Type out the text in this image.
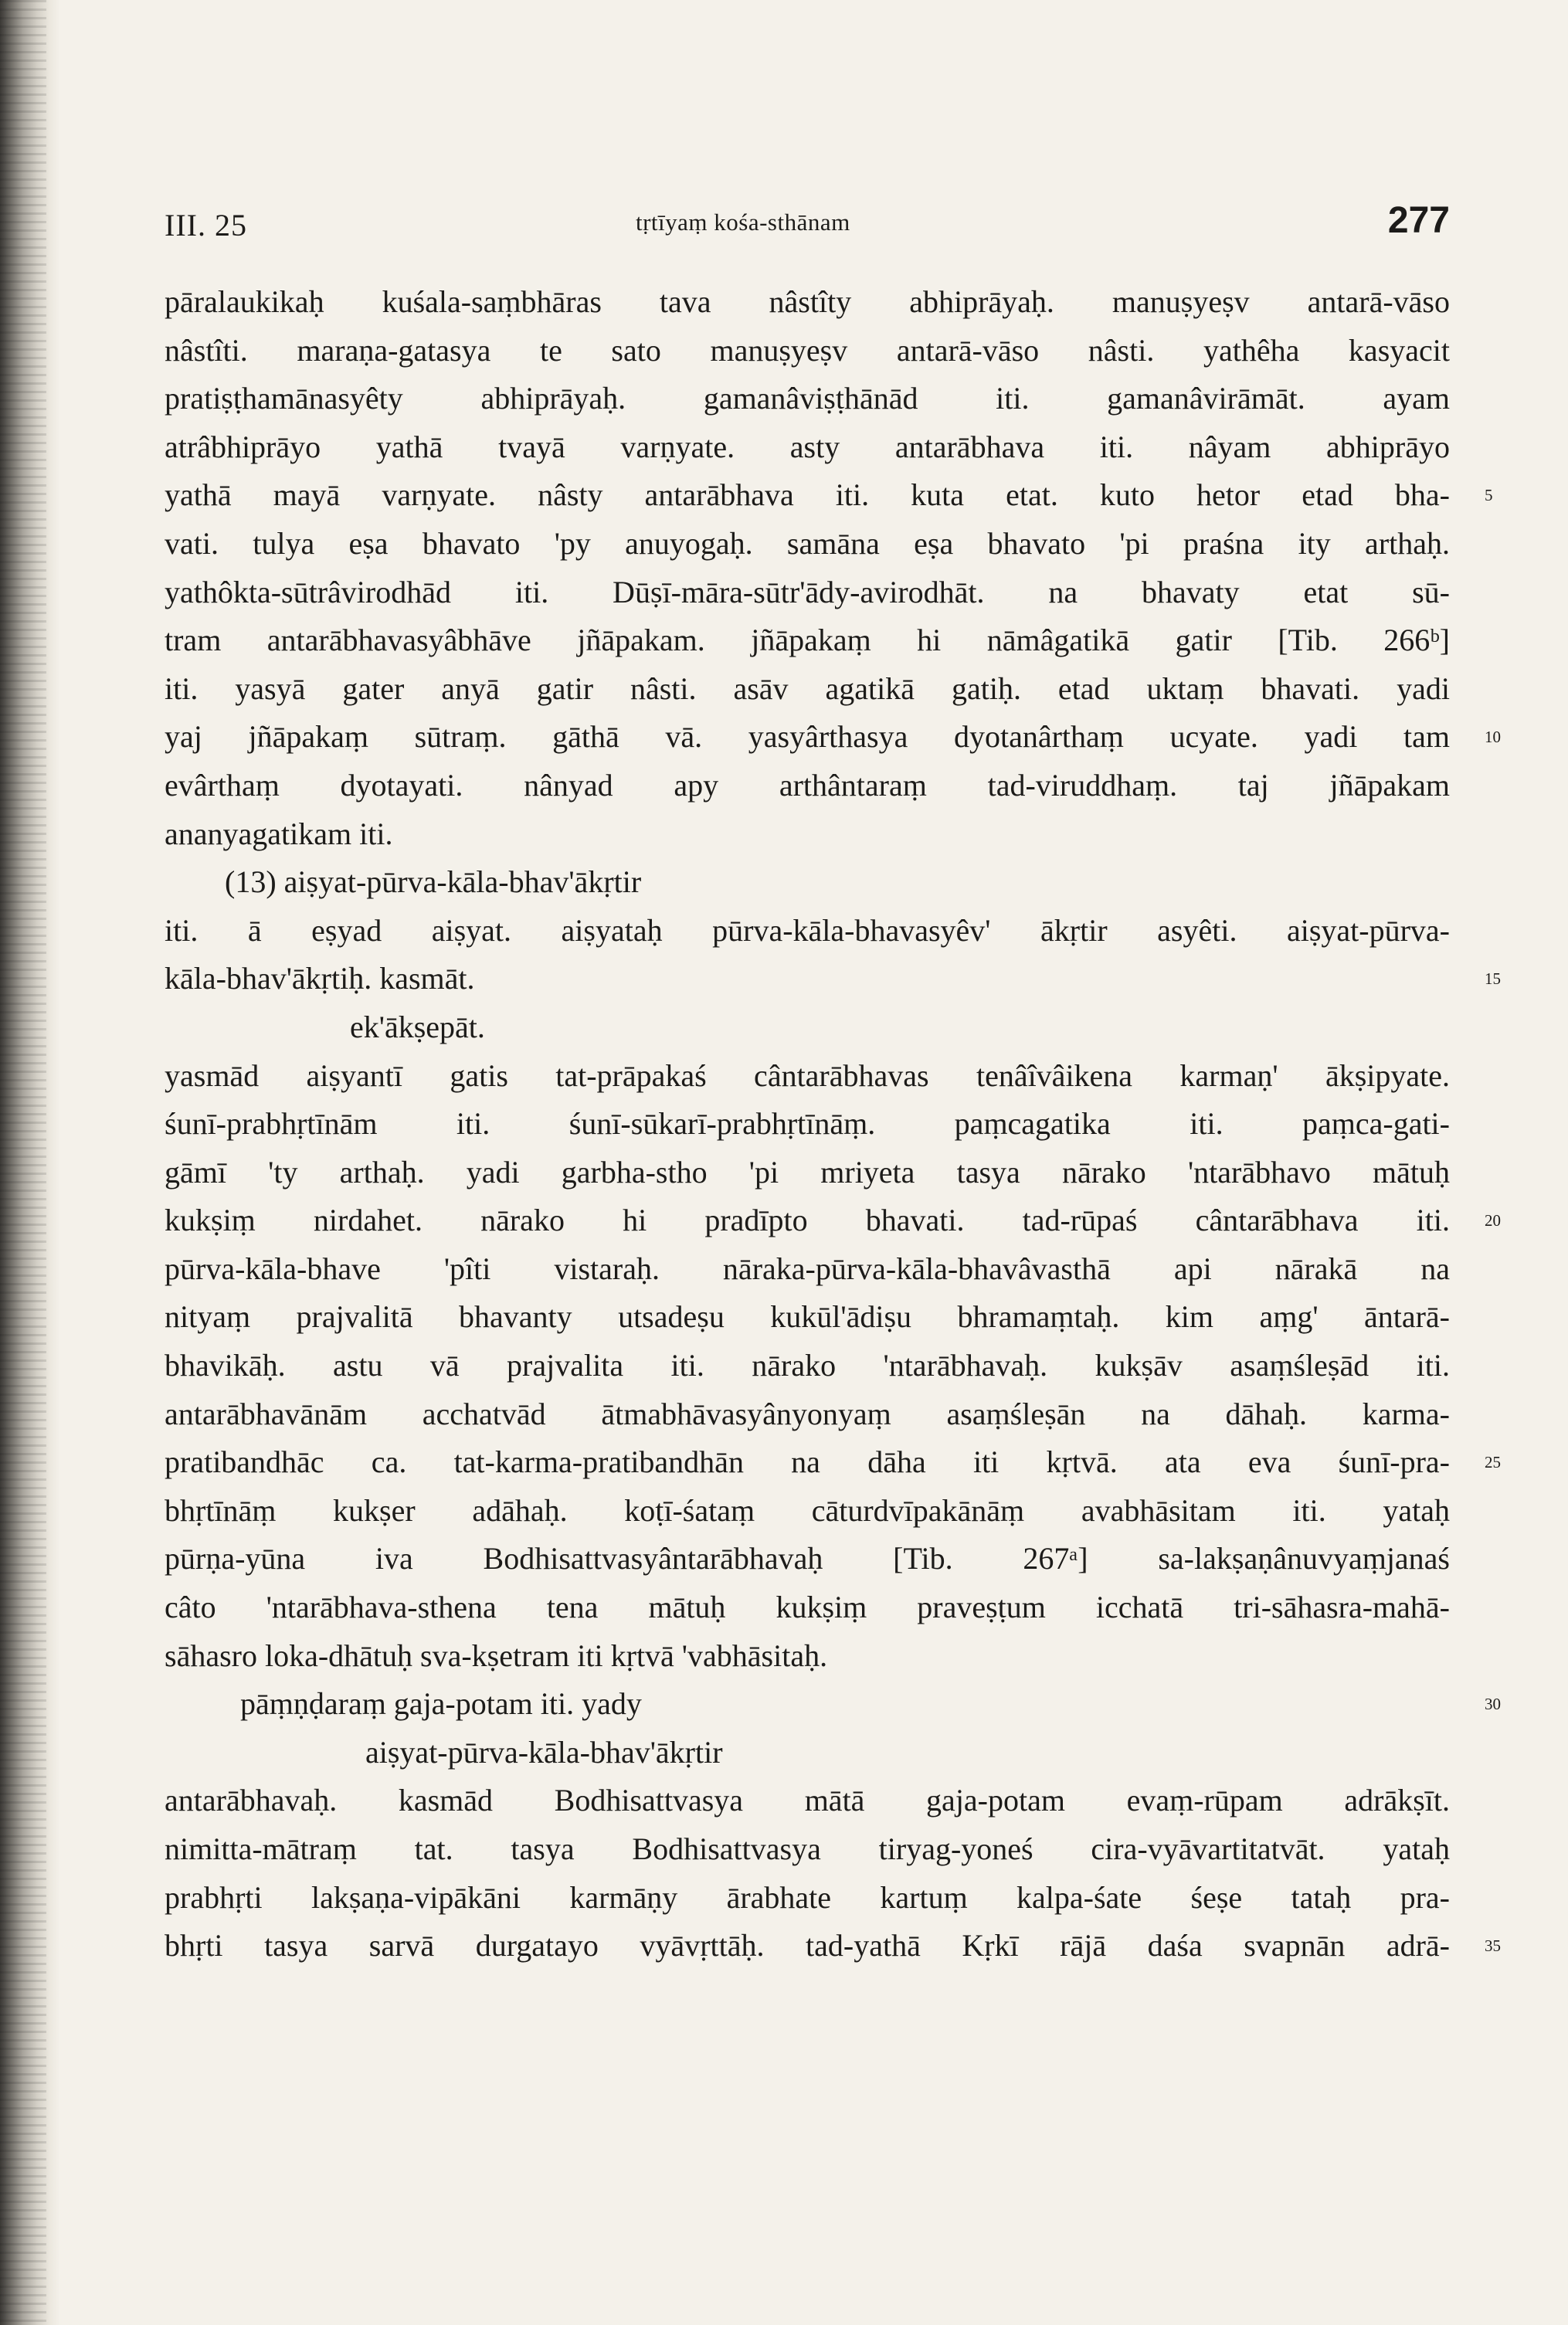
III. 25	tṛtīyaṃ kośa-sthānam	277
pāralaukikaḥ kuśala-saṃbhāras tava nâstîty abhiprāyaḥ. manuṣyeṣv antarā-vāso
nâstîti. maraṇa-gatasya te sato manuṣyeṣv antarā-vāso nâsti. yathêha kasyacit
pratiṣṭhamānasyêty abhiprāyaḥ. gamanâviṣṭhānād iti. gamanâvirāmāt. ayam
atrâbhiprāyo yathā tvayā varṇyate. asty antarābhava iti. nâyam abhiprāyo
yathā mayā varṇyate. nâsty antarābhava iti. kuta etat. kuto hetor etad bha- 5
vati. tulya eṣa bhavato 'py anuyogaḥ. samāna eṣa bhavato 'pi praśna ity arthaḥ.
yathôkta-sūtrâvirodhād iti. Dūṣī-māra-sūtr'ādy-avirodhāt. na bhavaty etat sū-
tram antarābhavasyâbhāve jñāpakam. jñāpakaṃ hi nāmâgatikā gatir [Tib. 266ᵇ]
iti. yasyā gater anyā gatir nâsti. asāv agatikā gatiḥ. etad uktaṃ bhavati. yadi
yaj jñāpakaṃ sūtraṃ. gāthā vā. yasyârthasya dyotanârthaṃ ucyate. yadi tam 10
evârthaṃ dyotayati. nânyad apy arthântaraṃ tad-viruddhaṃ. taj jñāpakam
ananyagatikam iti.
(13) aiṣyat-pūrva-kāla-bhav'ākṛtir
iti. ā eṣyad aiṣyat. aiṣyataḥ pūrva-kāla-bhavasyêv' ākṛtir asyêti. aiṣyat-pūrva-
kāla-bhav'ākṛtiḥ. kasmāt.	15
ek'ākṣepāt.
yasmād aiṣyantī gatis tat-prāpakaś cântarābhavas tenâîvâikena karmaṇ' ākṣipyate.
śunī-prabhṛtīnām iti. śunī-sūkarī-prabhṛtīnāṃ. paṃcagatika iti. paṃca-gati-
gāmī 'ty arthaḥ. yadi garbha-stho 'pi mriyeta tasya nārako 'ntarābhavo mātuḥ
kukṣiṃ nirdahet. nārako hi pradīpto bhavati. tad-rūpaś cântarābhava iti. 20
pūrva-kāla-bhave 'pîti vistaraḥ. nāraka-pūrva-kāla-bhavâvasthā api nārakā na
nityaṃ prajvalitā bhavanty utsadeṣu kukūl'ādiṣu bhramaṃtaḥ. kim aṃg' āntarā-
bhavikāḥ. astu vā prajvalita iti. nārako 'ntarābhavaḥ. kukṣāv asaṃśleṣād iti.
antarābhavānām acchatvād ātmabhāvasyânyonyaṃ asaṃśleṣān na dāhaḥ. karma-
pratibandhāc ca. tat-karma-pratibandhān na dāha iti kṛtvā. ata eva śunī-pra- 25
bhṛtīnāṃ kukṣer adāhaḥ. koṭī-śataṃ cāturdvīpakānāṃ avabhāsitam iti. yataḥ
pūrṇa-yūna iva Bodhisattvasyântarābhavaḥ [Tib. 267ᵃ] sa-lakṣaṇânuvyaṃjanaś
câto 'ntarābhava-sthena tena mātuḥ kukṣiṃ praveṣṭum icchatā tri-sāhasra-mahā-
sāhasro loka-dhātuḥ sva-kṣetram iti kṛtvā 'vabhāsitaḥ.
pāṃṇḍaraṃ gaja-potam iti. yady	30
aiṣyat-pūrva-kāla-bhav'ākṛtir
antarābhavaḥ. kasmād Bodhisattvasya mātā gaja-potam evaṃ-rūpam adrākṣīt.
nimitta-mātraṃ tat. tasya Bodhisattvasya tiryag-yoneś cira-vyāvartitatvāt. yataḥ
prabhṛti lakṣaṇa-vipākāni karmāṇy ārabhate kartuṃ kalpa-śate śeṣe tataḥ pra-
bhṛti tasya sarvā durgatayo vyāvṛttāḥ. tad-yathā Kṛkī rājā daśa svapnān adrā- 35
